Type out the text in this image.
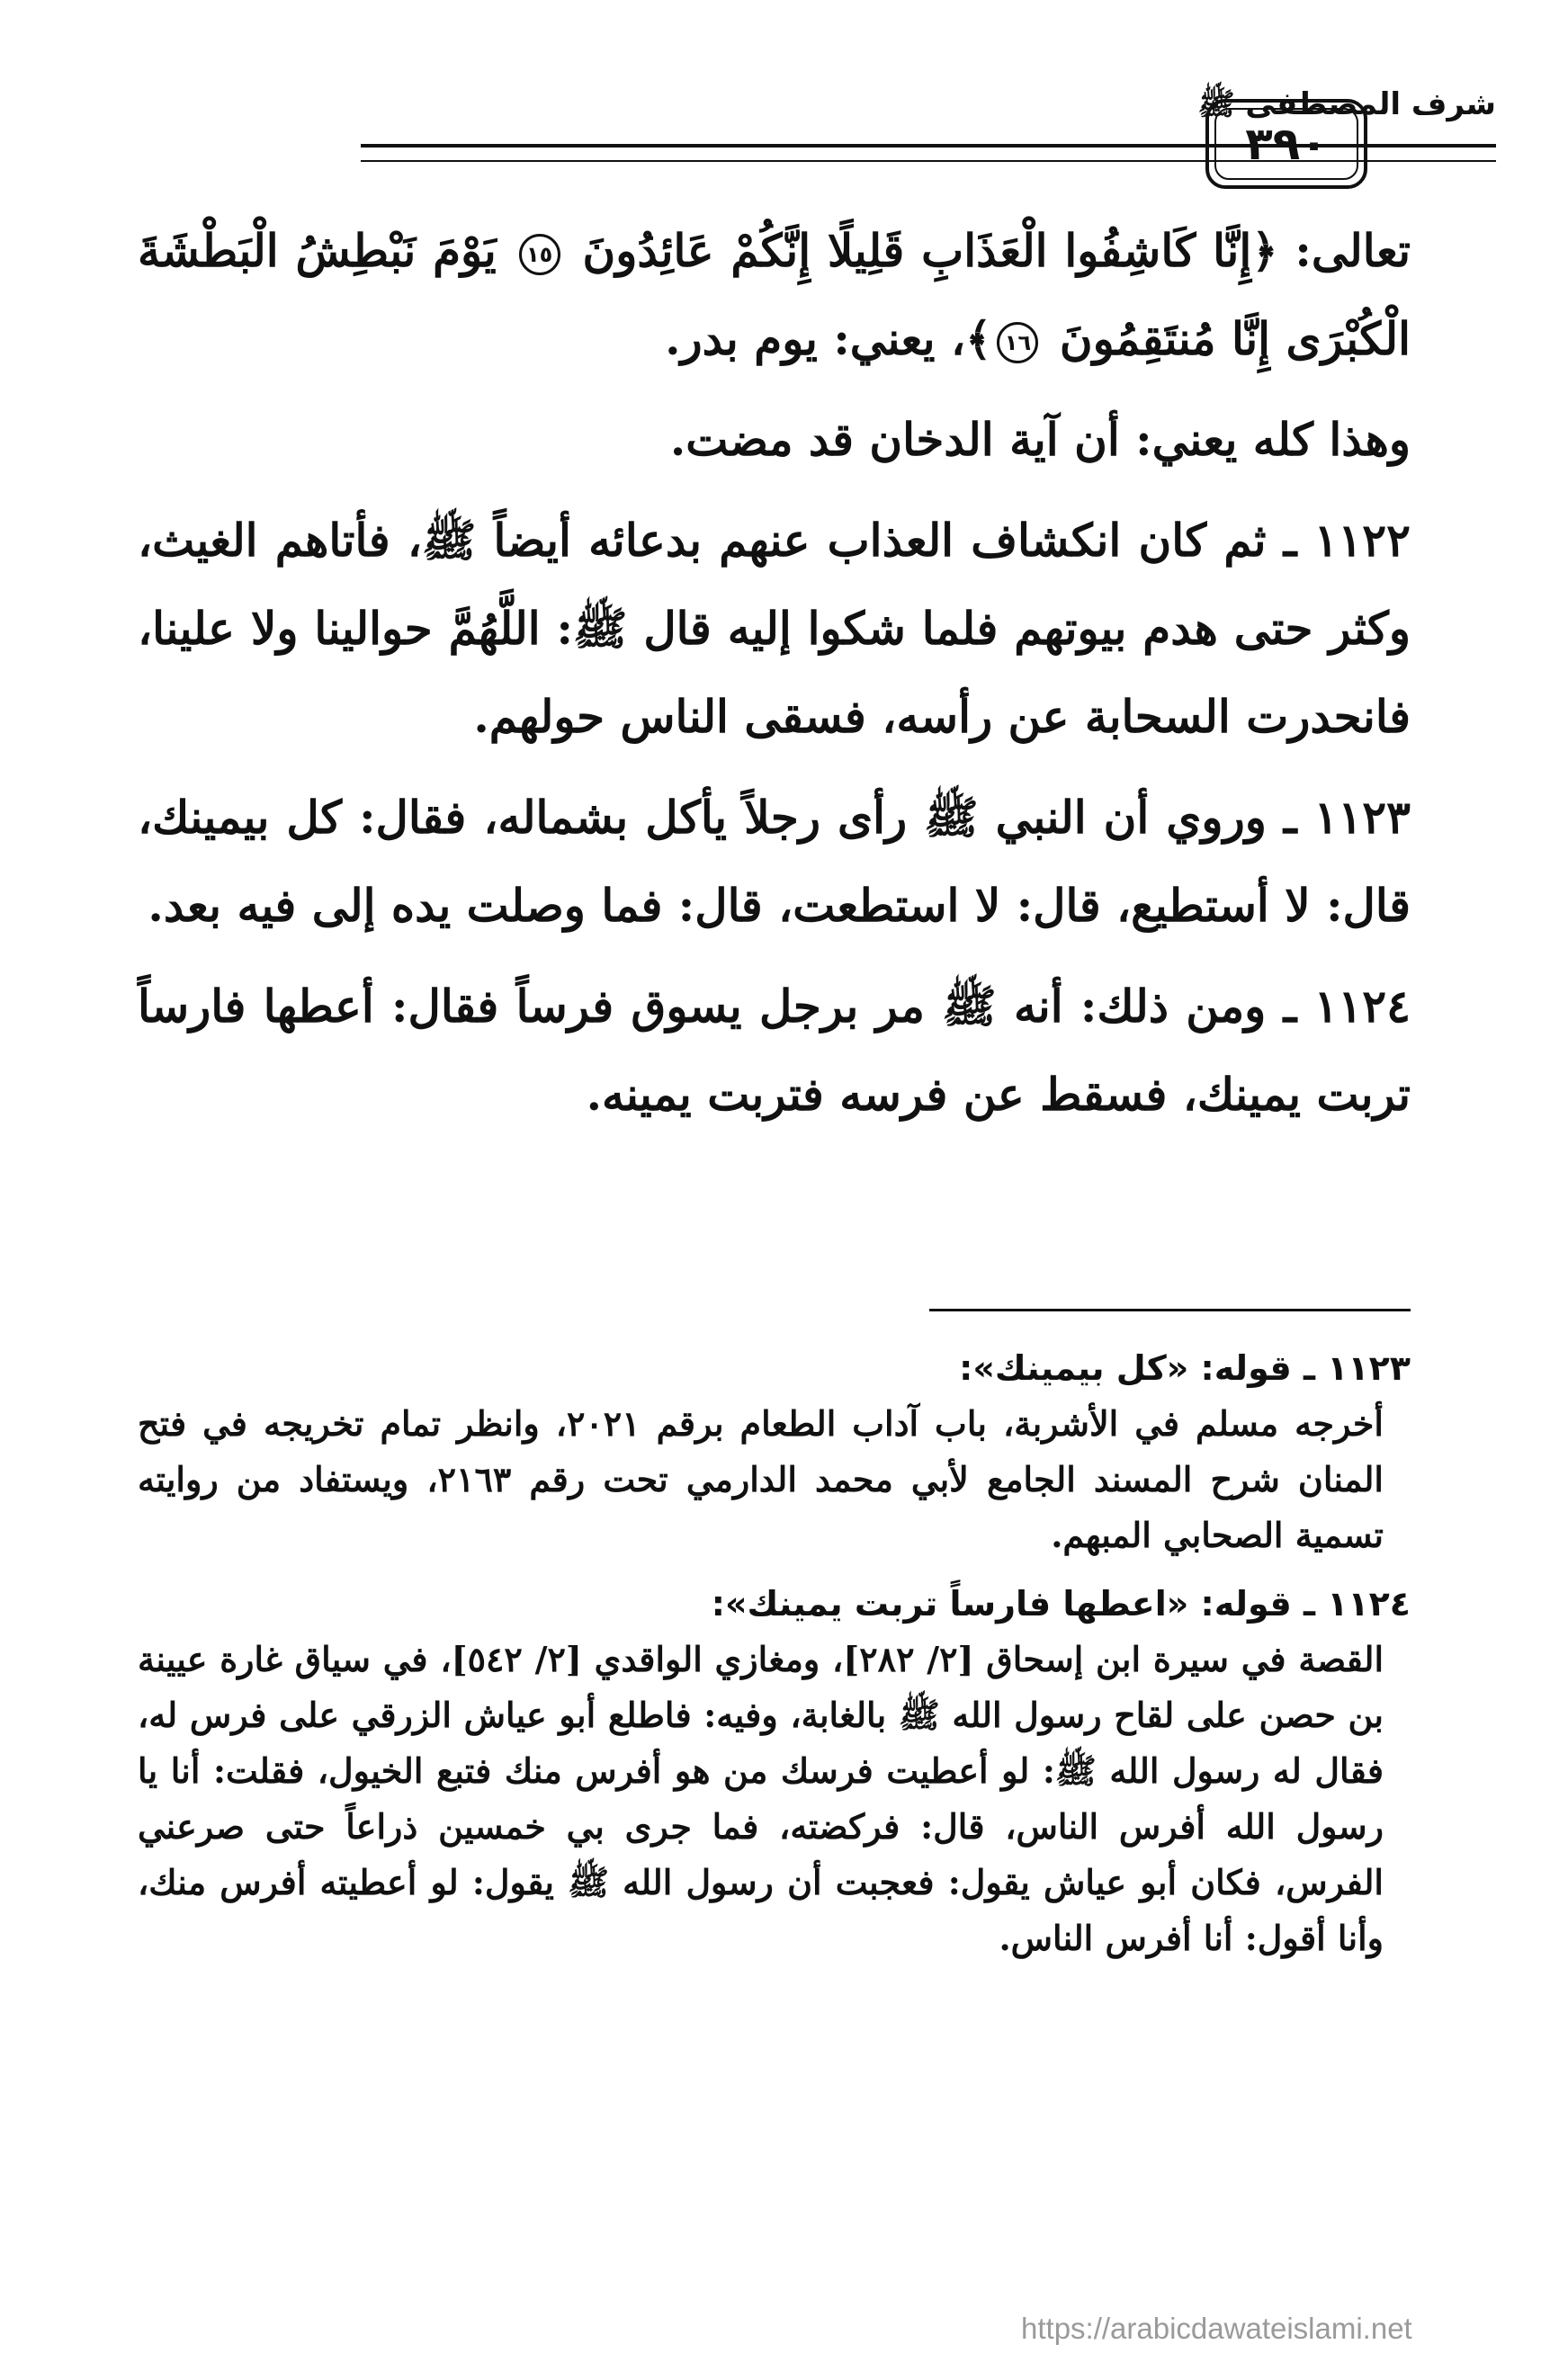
شرف المصطفى ﷺ
٣٩٠

تعالى: ﴿إِنَّا كَاشِفُوا الْعَذَابِ قَلِيلًا إِنَّكُمْ عَائِدُونَ ١٥ يَوْمَ نَبْطِشُ الْبَطْشَةَ الْكُبْرَى إِنَّا مُنتَقِمُونَ ١٦﴾، يعني: يوم بدر.

وهذا كله يعني: أن آية الدخان قد مضت.

١١٢٢ ـ ثم كان انكشاف العذاب عنهم بدعائه أيضاً ﷺ، فأتاهم الغيث، وكثر حتى هدم بيوتهم فلما شكوا إليه قال ﷺ: اللَّهُمَّ حوالينا ولا علينا، فانحدرت السحابة عن رأسه، فسقى الناس حولهم.

١١٢٣ ـ وروي أن النبي ﷺ رأى رجلاً يأكل بشماله، فقال: كل بيمينك، قال: لا أستطيع، قال: لا استطعت، قال: فما وصلت يده إلى فيه بعد.

١١٢٤ ـ ومن ذلك: أنه ﷺ مر برجل يسوق فرساً فقال: أعطها فارساً تربت يمينك، فسقط عن فرسه فتربت يمينه.

١١٢٣ ـ قوله: «كل بيمينك»:
أخرجه مسلم في الأشربة، باب آداب الطعام برقم ٢٠٢١، وانظر تمام تخريجه في فتح المنان شرح المسند الجامع لأبي محمد الدارمي تحت رقم ٢١٦٣، ويستفاد من روايته تسمية الصحابي المبهم.
١١٢٤ ـ قوله: «اعطها فارساً تربت يمينك»:
القصة في سيرة ابن إسحاق [٢/ ٢٨٢]، ومغازي الواقدي [٢/ ٥٤٢]، في سياق غارة عيينة بن حصن على لقاح رسول الله ﷺ بالغابة، وفيه: فاطلع أبو عياش الزرقي على فرس له، فقال له رسول الله ﷺ: لو أعطيت فرسك من هو أفرس منك فتبع الخيول، فقلت: أنا يا رسول الله أفرس الناس، قال: فركضته، فما جرى بي خمسين ذراعاً حتى صرعني الفرس، فكان أبو عياش يقول: فعجبت أن رسول الله ﷺ يقول: لو أعطيته أفرس منك، وأنا أقول: أنا أفرس الناس.
https://arabicdawateislami.net
